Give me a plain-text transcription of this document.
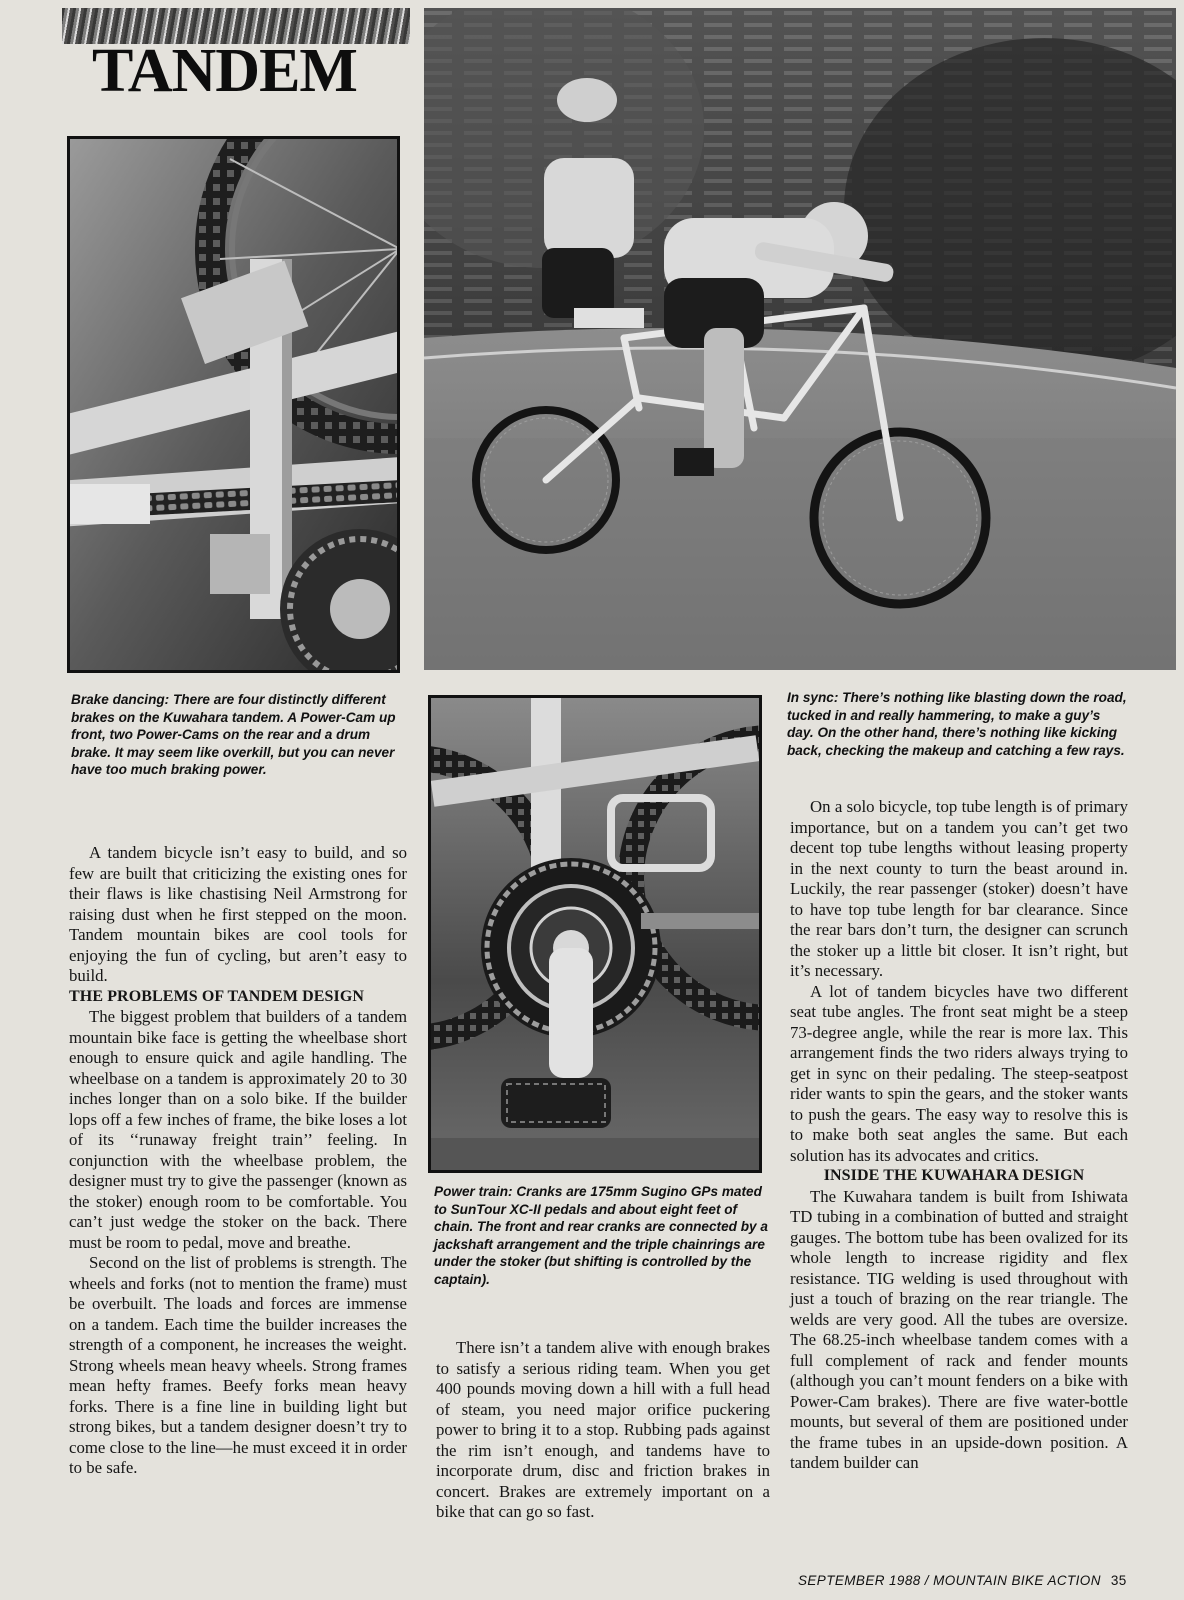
TANDEM
Brake dancing: There are four distinctly different brakes on the Kuwahara tandem. A Power-Cam up front, two Power-Cams on the rear and a drum brake. It may seem like overkill, but you can never have too much braking power.
In sync: There’s nothing like blasting down the road, tucked in and really hammering, to make a guy’s day. On the other hand, there’s nothing like kicking back, checking the makeup and catching a few rays.
Power train: Cranks are 175mm Sugino GPs mated to SunTour XC-II pedals and about eight feet of chain. The front and rear cranks are connected by a jackshaft arrangement and the triple chainrings are under the stoker (but shifting is controlled by the captain).

A tandem bicycle isn’t easy to build, and so few are built that criticizing the existing ones for their flaws is like chastising Neil Armstrong for raising dust when he first stepped on the moon. Tandem mountain bikes are cool tools for enjoying the fun of cycling, but aren’t easy to build.

THE PROBLEMS OF TANDEM DESIGN

The biggest problem that builders of a tandem mountain bike face is getting the wheelbase short enough to ensure quick and agile handling. The wheelbase on a tandem is approximately 20 to 30 inches longer than on a solo bike. If the builder lops off a few inches of frame, the bike loses a lot of its ‘‘runaway freight train’’ feeling. In conjunction with the wheelbase problem, the designer must try to give the passenger (known as the stoker) enough room to be comfortable. You can’t just wedge the stoker on the back. There must be room to pedal, move and breathe.

Second on the list of problems is strength. The wheels and forks (not to mention the frame) must be overbuilt. The loads and forces are immense on a tandem. Each time the builder increases the strength of a component, he increases the weight. Strong wheels mean heavy wheels. Strong frames mean hefty frames. Beefy forks mean heavy forks. There is a fine line in building light but strong bikes, but a tandem designer doesn’t try to come close to the line—he must exceed it in order to be safe.

There isn’t a tandem alive with enough brakes to satisfy a serious riding team. When you get 400 pounds moving down a hill with a full head of steam, you need major orifice puckering power to bring it to a stop. Rubbing pads against the rim isn’t enough, and tandems have to incorporate drum, disc and friction brakes in concert. Brakes are extremely important on a bike that can go so fast.

On a solo bicycle, top tube length is of primary importance, but on a tandem you can’t get two decent top tube lengths without leasing property in the next county to turn the beast around in. Luckily, the rear passenger (stoker) doesn’t have to have top tube length for bar clearance. Since the rear bars don’t turn, the designer can scrunch the stoker up a little bit closer. It isn’t right, but it’s necessary.

A lot of tandem bicycles have two different seat tube angles. The front seat might be a steep 73-degree angle, while the rear is more lax. This arrangement finds the two riders always trying to get in sync on their pedaling. The steep-seatpost rider wants to spin the gears, and the stoker wants to push the gears. The easy way to resolve this is to make both seat angles the same. But each solution has its advocates and critics.

INSIDE THE KUWAHARA DESIGN

The Kuwahara tandem is built from Ishiwata TD tubing in a combination of butted and straight gauges. The bottom tube has been ovalized for its whole length to increase rigidity and flex resistance. TIG welding is used throughout with just a touch of brazing on the rear triangle. The welds are very good. All the tubes are oversize. The 68.25-inch wheelbase tandem comes with a full complement of rack and fender mounts (although you can’t mount fenders on a bike with Power-Cam brakes). There are five water-bottle mounts, but several of them are positioned under the frame tubes in an upside-down position. A tandem builder can

SEPTEMBER 1988 / MOUNTAIN BIKE ACTION 35
